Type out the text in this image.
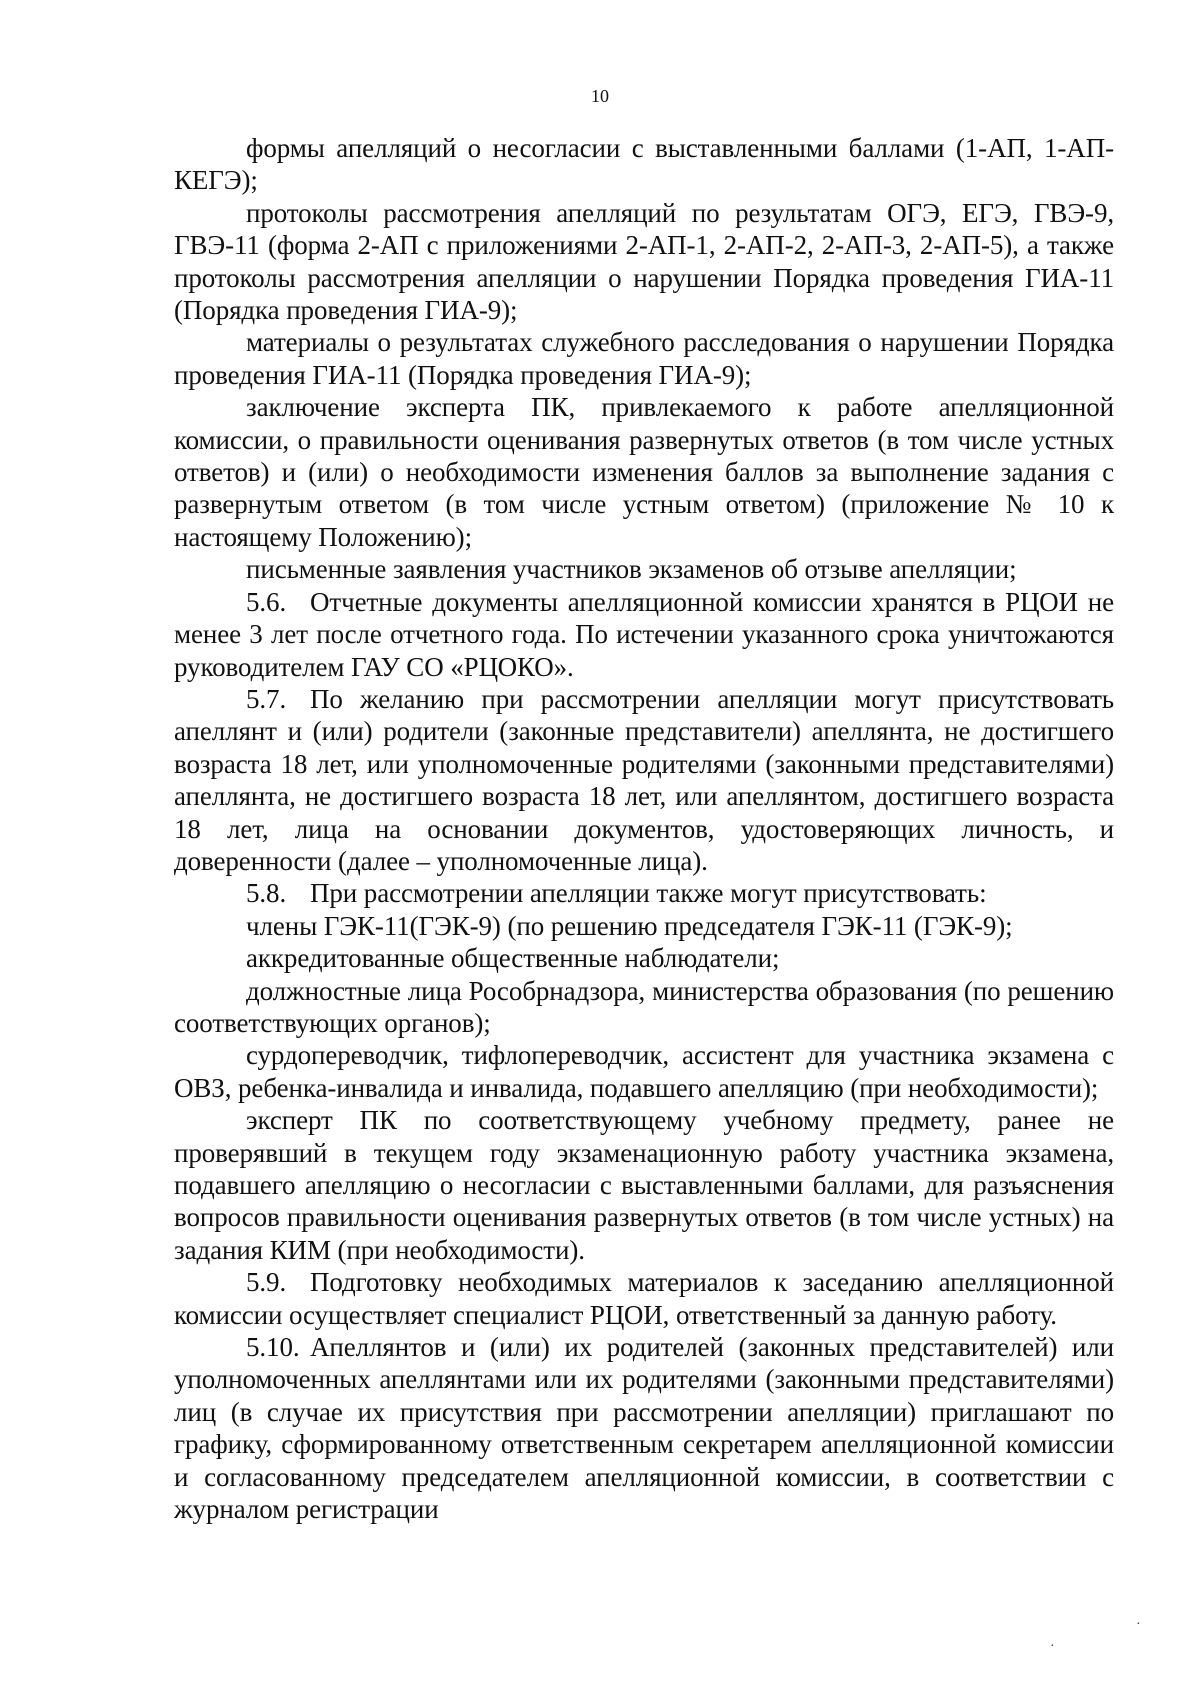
10

формы апелляций о несогласии с выставленными баллами (1-АП, 1-АП-КЕГЭ);

протоколы рассмотрения апелляций по результатам ОГЭ, ЕГЭ, ГВЭ-9, ГВЭ-11 (форма 2-АП с приложениями 2-АП-1, 2-АП-2, 2-АП-3, 2-АП-5), а также протоколы рассмотрения апелляции о нарушении Порядка проведения ГИА-11 (Порядка проведения ГИА-9);

материалы о результатах служебного расследования о нарушении Порядка проведения ГИА-11 (Порядка проведения ГИА-9);

заключение эксперта ПК, привлекаемого к работе апелляционной комиссии, о правильности оценивания развернутых ответов (в том числе устных ответов) и (или) о необходимости изменения баллов за выполнение задания с развернутым ответом (в том числе устным ответом) (приложение № 10 к настоящему Положению);

письменные заявления участников экзаменов об отзыве апелляции;

5.6. Отчетные документы апелляционной комиссии хранятся в РЦОИ не менее 3 лет после отчетного года. По истечении указанного срока уничтожаются руководителем ГАУ СО «РЦОКО».

5.7. По желанию при рассмотрении апелляции могут присутствовать апеллянт и (или) родители (законные представители) апеллянта, не достигшего возраста 18 лет, или уполномоченные родителями (законными представителями) апеллянта, не достигшего возраста 18 лет, или апеллянтом, достигшего возраста 18 лет, лица на основании документов, удостоверяющих личность, и доверенности (далее – уполномоченные лица).

5.8. При рассмотрении апелляции также могут присутствовать:

члены ГЭК-11(ГЭК-9) (по решению председателя ГЭК-11 (ГЭК-9);

аккредитованные общественные наблюдатели;

должностные лица Рособрнадзора, министерства образования (по решению соответствующих органов);

сурдопереводчик, тифлопереводчик, ассистент для участника экзамена с ОВЗ, ребенка-инвалида и инвалида, подавшего апелляцию (при необходимости);

эксперт ПК по соответствующему учебному предмету, ранее не проверявший в текущем году экзаменационную работу участника экзамена, подавшего апелляцию о несогласии с выставленными баллами, для разъяснения вопросов правильности оценивания развернутых ответов (в том числе устных) на задания КИМ (при необходимости).

5.9. Подготовку необходимых материалов к заседанию апелляционной комиссии осуществляет специалист РЦОИ, ответственный за данную работу.

5.10. Апеллянтов и (или) их родителей (законных представителей) или уполномоченных апеллянтами или их родителями (законными представителями) лиц (в случае их присутствия при рассмотрении апелляции) приглашают по графику, сформированному ответственным секретарем апелляционной комиссии и согласованному председателем апелляционной комиссии, в соответствии с журналом регистрации

·
·
